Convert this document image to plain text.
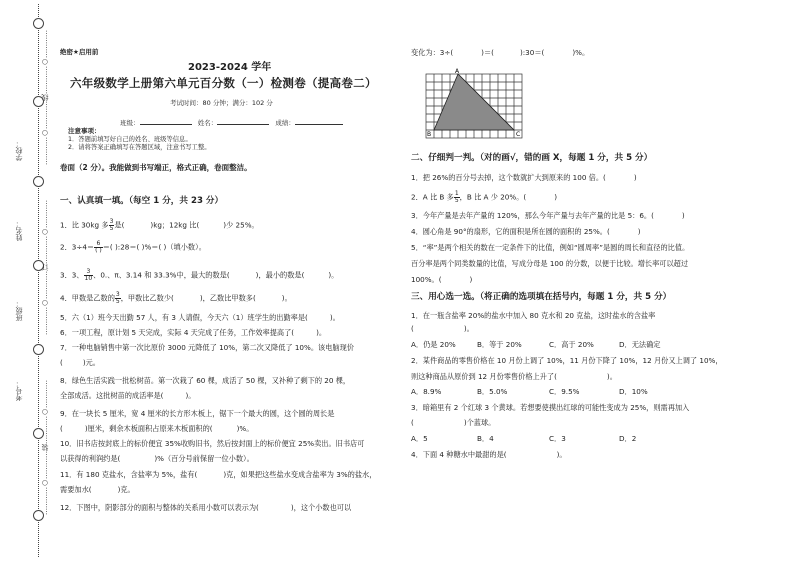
…………○…………线…………○…………
学校：
姓名：
班级：
考号：
…………○…………订…………○…………
…………○…………装…………○…………
绝密★启用前
2023-2024 学年
六年级数学上册第六单元百分数（一）检测卷（提高卷二）
考试时间：80 分钟；满分：102 分
班级：	姓名：	成绩：
注意事项：
1．答题前填写好自己的姓名、班级等信息。
2．请将答案正确填写在答题区域，注意书写工整。
卷面（2 分）。我能做到书写端正，格式正确，卷面整洁。
一、认真填一填。（每空 1 分，共 23 分）
1．比 30kg 多 $\frac{3}{5}$ 是(	)kg；12kg 比(	)少 25%。
2．$3\div 4= \frac{6}{( )}$ ＝( ):28＝( )%＝( )（填小数）。
3．3、 $\frac{3}{10}$ 、0.、π、3.14 和 33.3%中，最大的数是(	)，最小的数是(	)。
4．甲数是乙数的 $\frac{3}{5}$ ，甲数比乙数少(	)，乙数比甲数多(	)。
5．六（1）班今天出勤 57 人，有 3 人请假，今天六（1）班学生的出勤率是(	)。
6．一项工程，原计划 5 天完成，实际 4 天完成了任务，工作效率提高了(	)。
7．一种电脑销售中第一次比原价 3000 元降低了 10%，第二次又降低了 10%。该电脑现价
(	)元。
8．绿色生活实践一批松树苗。第一次栽了 60 棵，成活了 50 棵，又补种了剩下的 20 棵，
全部成活。这批树苗的成活率是(	)。
9．在一块长 5 厘米，宽 4 厘米的长方形木板上，锯下一个最大的圆，这个圆的周长是
(	)厘米，剩余木板面积占原来木板面积的(	)%。
10．旧书店按封底上的标价便宜 35%收购旧书，然后按封面上的标价便宜 25%卖出。旧书店可
以获得的利润约是(	)%（百分号前保留一位小数）。
11．有 180 克盐水，含盐率为 5%，盐有(	)克，如果把这些盐水变成含盐率为 3%的盐水，
需要加水(	)克。
12．下图中，阴影部分的面积与整体的关系用小数可以表示为(	)，这个小数也可以
变化为：3÷(	)＝(	):30＝(	)%。
A
B	C
二、仔细判一判。（对的画√，错的画 X，每题 1 分，共 5 分）
1．把 26%的百分号去掉，这个数就扩大到原来的 100 倍。(	)
2．A 比 B 多 $\frac{1}{5}$ ，B 比 A 少 20%。(	)
3．今年产量是去年产量的 120%，那么今年产量与去年产量的比是 5：6。(	)
4．圆心角是 90°的扇形，它的面积是所在圆的面积的 25%。(	)
5．“率”是两个相关的数在一定条件下的比值，例如“圆周率”是圆的周长和直径的比值。
百分率是两个同类数量的比值，写成分母是 100 的分数，以便于比较。增长率可以超过
100%。(	)
三、用心选一选。（将正确的选项填在括号内，每题 1 分，共 5 分）
1．在一瓶含盐率 20%的盐水中加入 80 克水和 20 克盐，这时盐水的含盐率
(	)。
A．仍是 20%	B．等于 20%	C．高于 20%	D．无法确定
2．某件商品的零售价格在 10 月份上调了 10%，11 月份下降了 10%，12 月份又上调了 10%，
则这种商品从原价到 12 月份零售价格上升了(	)。
A．8.9%	B．5.0%	C．9.5%	D．10%
3．暗箱里有 2 个红球 3 个黄球。若想要使摸出红球的可能性变成为 25%，则需再加入
(	)个蓝球。
A．5	B．4	C．3	D．2
4．下面 4 种糖水中最甜的是(	)。
